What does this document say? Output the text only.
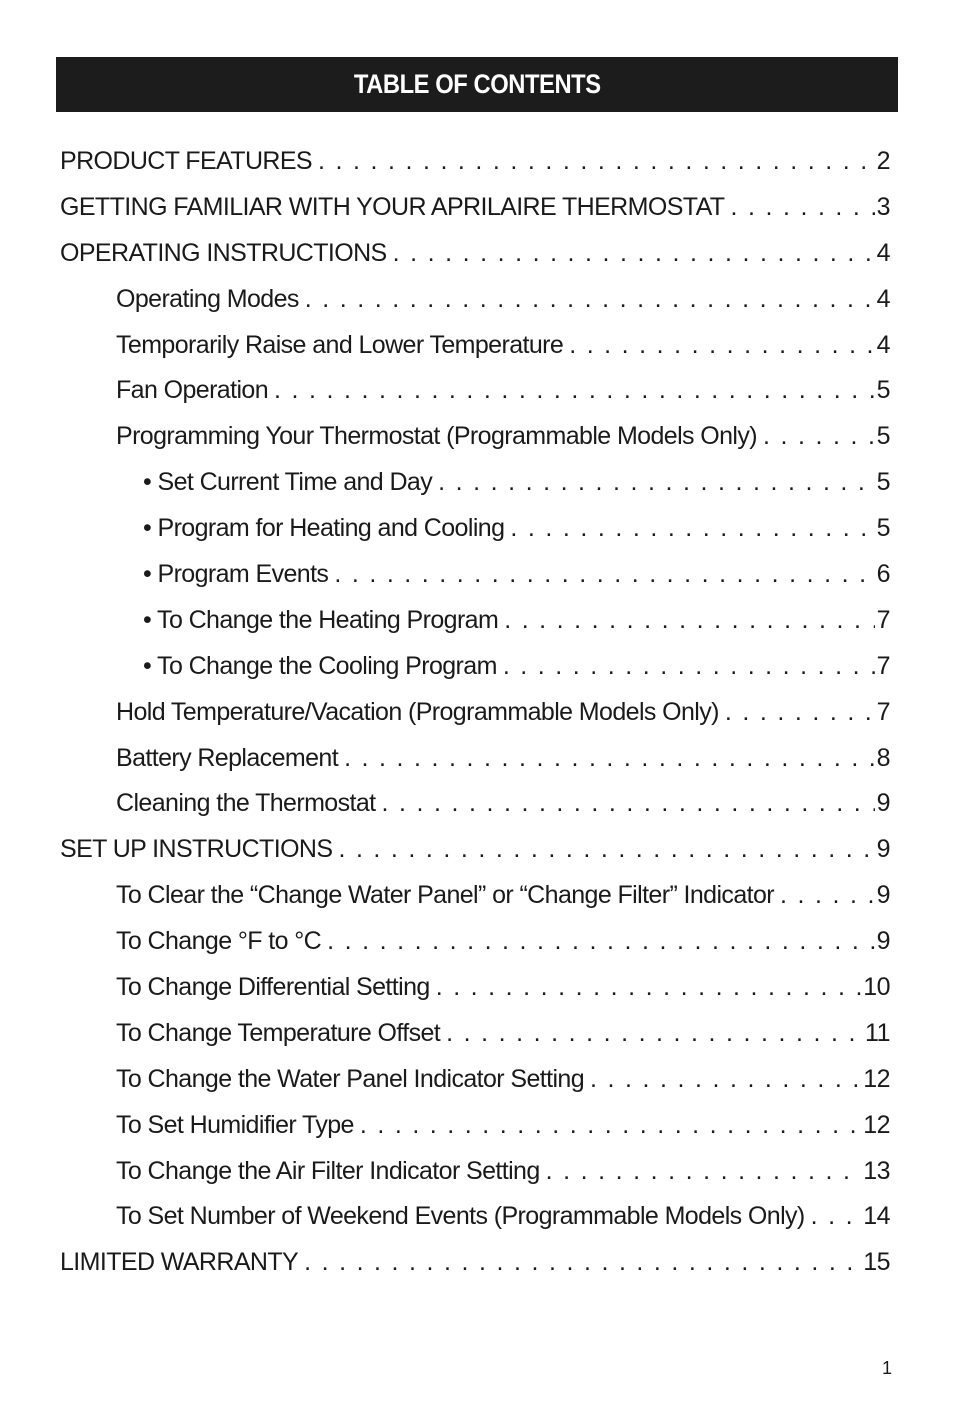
TABLE OF CONTENTS
PRODUCT FEATURES . . .	2
GETTING FAMILIAR WITH YOUR APRILAIRE THERMOSTAT . . .	3
OPERATING INSTRUCTIONS . . .	4
Operating Modes . . .	4
Temporarily Raise and Lower Temperature . . .	4
Fan Operation . . .	5
Programming Your Thermostat (Programmable Models Only) . . .	5
• Set Current Time and Day . . .	5
• Program for Heating and Cooling . . .	5
• Program Events . . .	6
• To Change the Heating Program . . .	7
• To Change the Cooling Program . . .	7
Hold Temperature/Vacation (Programmable Models Only) . . .	7
Battery Replacement . . .	8
Cleaning the Thermostat . . .	9
SET UP INSTRUCTIONS . . .	9
To Clear the “Change Water Panel” or “Change Filter” Indicator . . .	9
To Change °F to °C . . .	9
To Change Differential Setting . . .	10
To Change Temperature Offset . . .	11
To Change the Water Panel Indicator Setting . . .	12
To Set Humidifier Type . . .	12
To Change the Air Filter Indicator Setting . . .	13
To Set Number of Weekend Events (Programmable Models Only) . . . 14
LIMITED WARRANTY . . .	15
1
